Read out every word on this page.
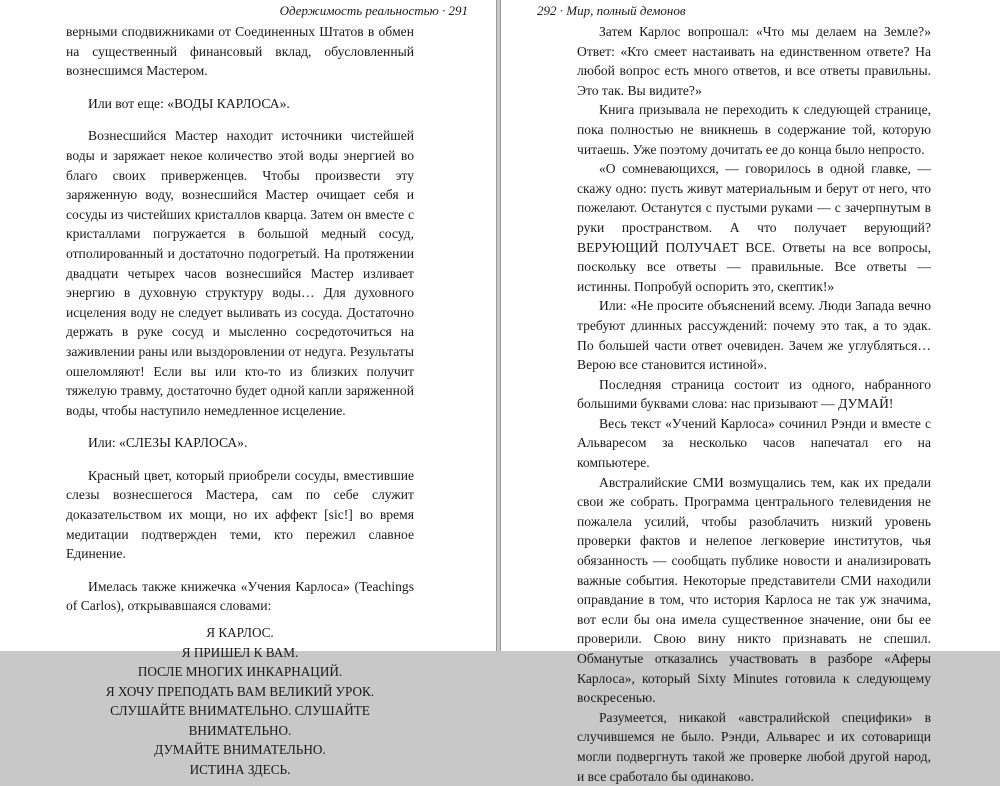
Одержимость реальностью · 291

верными сподвижниками от Соединенных Штатов в обмен на существенный финансовый вклад, обусловленный вознесшимся Мастером.

Или вот еще: «ВОДЫ КАРЛОСА».

Вознесшийся Мастер находит источники чистейшей воды и заряжает некое количество этой воды энергией во благо своих приверженцев. Чтобы произвести эту заряженную воду, вознесшийся Мастер очищает себя и сосуды из чистейших кристаллов кварца. Затем он вместе с кристаллами погружается в большой медный сосуд, отполированный и достаточно подогретый. На протяжении двадцати четырех часов вознесшийся Мастер изливает энергию в духовную структуру воды… Для духовного исцеления воду не следует выливать из сосуда. Достаточно держать в руке сосуд и мысленно сосредоточиться на заживлении раны или выздоровлении от недуга. Результаты ошеломляют! Если вы или кто-то из близких получит тяжелую травму, достаточно будет одной капли заряженной воды, чтобы наступило немедленное исцеление.

Или: «СЛЕЗЫ КАРЛОСА».

Красный цвет, который приобрели сосуды, вместившие слезы вознесшегося Мастера, сам по себе служит доказательством их мощи, но их аффект [sic!] во время медитации подтвержден теми, кто пережил славное Единение.

Имелась также книжечка «Учения Карлоса» (Teachings of Carlos), открывавшаяся словами:

Я КАРЛОС.
Я ПРИШЕЛ К ВАМ.
ПОСЛЕ МНОГИХ ИНКАРНАЦИЙ.
Я ХОЧУ ПРЕПОДАТЬ ВАМ ВЕЛИКИЙ УРОК.
СЛУШАЙТЕ ВНИМАТЕЛЬНО. СЛУШАЙТЕ ВНИМАТЕЛЬНО.
ДУМАЙТЕ ВНИМАТЕЛЬНО.
ИСТИНА ЗДЕСЬ.
292 · Мир, полный демонов

Затем Карлос вопрошал: «Что мы делаем на Земле?» Ответ: «Кто смеет настаивать на единственном ответе? На любой вопрос есть много ответов, и все ответы правильны. Это так. Вы видите?»

Книга призывала не переходить к следующей странице, пока полностью не вникнешь в содержание той, которую читаешь. Уже поэтому дочитать ее до конца было непросто.

«О сомневающихся, — говорилось в одной главке, — скажу одно: пусть живут материальным и берут от него, что пожелают. Останутся с пустыми руками — с зачерпнутым в руки пространством. А что получает верующий? ВЕРУЮЩИЙ ПОЛУЧАЕТ ВСЕ. Ответы на все вопросы, поскольку все ответы — правильные. Все ответы — истинны. Попробуй оспорить это, скептик!»

Или: «Не просите объяснений всему. Люди Запада вечно требуют длинных рассуждений: почему это так, а то эдак. По большей части ответ очевиден. Зачем же углубляться… Верою все становится истиной».

Последняя страница состоит из одного, набранного большими буквами слова: нас призывают — ДУМАЙ!

Весь текст «Учений Карлоса» сочинил Рэнди и вместе с Альваресом за несколько часов напечатал его на компьютере.

Австралийские СМИ возмущались тем, как их предали свои же собрать. Программа центрального телевидения не пожалела усилий, чтобы разоблачить низкий уровень проверки фактов и нелепое легковерие институтов, чья обязанность — сообщать публике новости и анализировать важные события. Некоторые представители СМИ находили оправдание в том, что история Карлоса не так уж значима, вот если бы она имела существенное значение, они бы ее проверили. Свою вину никто признавать не спешил. Обманутые отказались участвовать в разборе «Аферы Карлоса», который Sixty Minutes готовила к следующему воскресенью.

Разумеется, никакой «австралийской специфики» в случившемся не было. Рэнди, Альварес и их сотоварищи могли подвергнуть такой же проверке любой другой народ, и все сработало бы одинаково.
